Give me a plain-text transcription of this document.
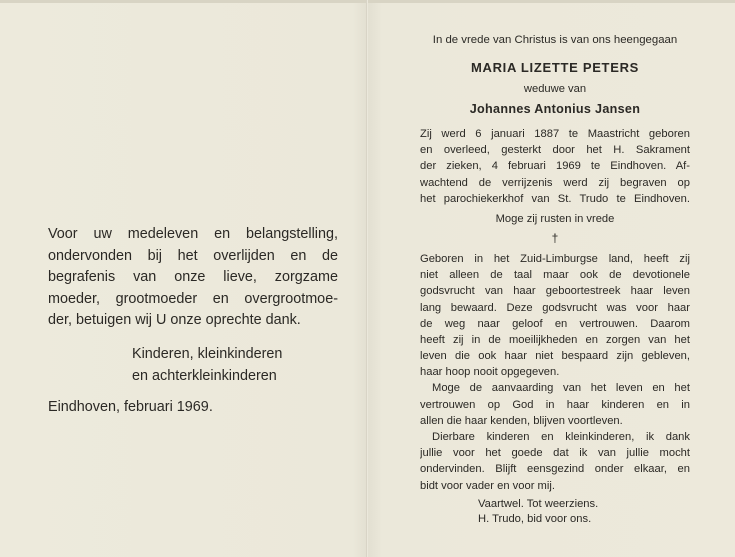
Voor uw medeleven en belangstelling,
ondervonden bij het overlijden en de
begrafenis van onze lieve, zorgzame
moeder, grootmoeder en overgrootmoe-
der, betuigen wij U onze oprechte dank.

Kinderen, kleinkinderen
en achterkleinkinderen
Eindhoven, februari 1969.
In de vrede van Christus is van ons heengegaan
MARIA LIZETTE PETERS
weduwe van
Johannes Antonius Jansen
Zij werd 6 januari 1887 te Maastricht geboren
en overleed, gesterkt door het H. Sakrament
der zieken, 4 februari 1969 te Eindhoven. Af-
wachtend de verrijzenis werd zij begraven op
het parochiekerkhof van St. Trudo te Eindhoven.
Moge zij rusten in vrede
†
Geboren in het Zuid-Limburgse land, heeft zij
niet alleen de taal maar ook de devotionele
godsvrucht van haar geboortestreek haar leven
lang bewaard. Deze godsvrucht was voor haar
de weg naar geloof en vertrouwen. Daarom
heeft zij in de moeilijkheden en zorgen van het
leven die ook haar niet bespaard zijn gebleven,
haar hoop nooit opgegeven.
Moge de aanvaarding van het leven en het
vertrouwen op God in haar kinderen en in
allen die haar kenden, blijven voortleven.
Dierbare kinderen en kleinkinderen, ik dank
jullie voor het goede dat ik van jullie mocht
ondervinden. Blijft eensgezind onder elkaar, en
bidt voor vader en voor mij.
Vaartwel. Tot weerziens.
H. Trudo, bid voor ons.
